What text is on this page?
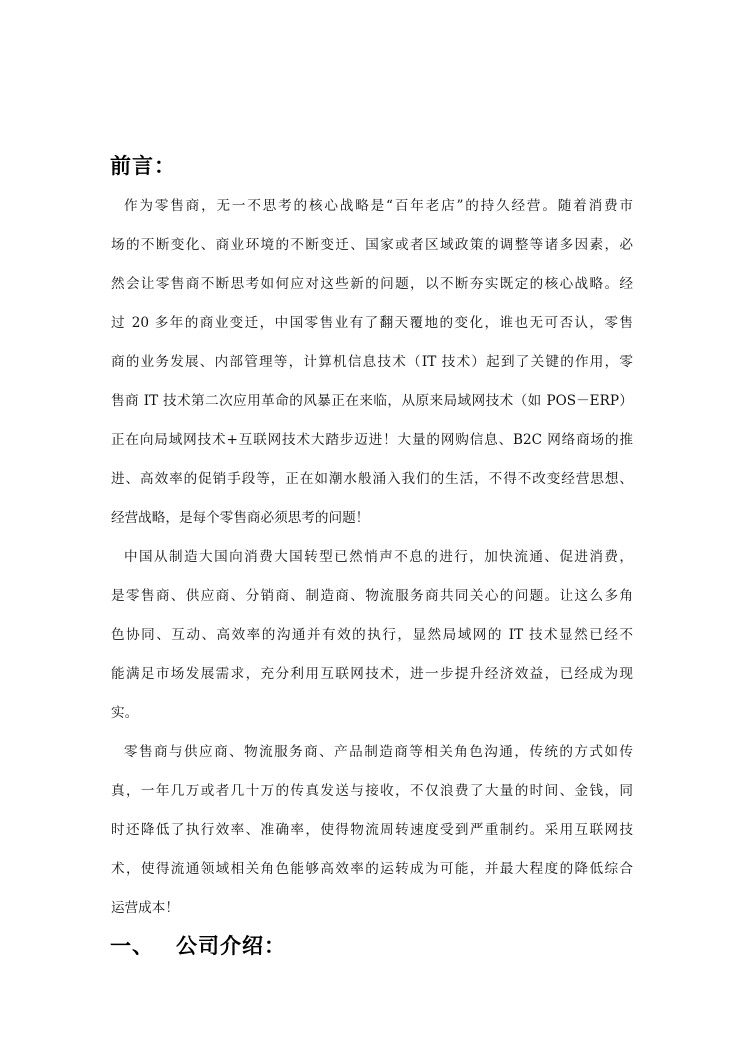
前言：
作为零售商，无一不思考的核心战略是“百年老店”的持久经营。随着消费市
场的不断变化、商业环境的不断变迁、国家或者区域政策的调整等诸多因素，必
然会让零售商不断思考如何应对这些新的问题，以不断夯实既定的核心战略。经
过 20 多年的商业变迁，中国零售业有了翻天覆地的变化，谁也无可否认，零售
商的业务发展、内部管理等，计算机信息技术（IT 技术）起到了关键的作用，零
售商 IT 技术第二次应用革命的风暴正在来临，从原来局域网技术（如 POS－ERP）
正在向局域网技术+互联网技术大踏步迈进！大量的网购信息、B2C 网络商场的推
进、高效率的促销手段等，正在如潮水般涌入我们的生活，不得不改变经营思想、
经营战略，是每个零售商必须思考的问题！
中国从制造大国向消费大国转型已然悄声不息的进行，加快流通、促进消费，
是零售商、供应商、分销商、制造商、物流服务商共同关心的问题。让这么多角
色协同、互动、高效率的沟通并有效的执行，显然局域网的 IT 技术显然已经不
能满足市场发展需求，充分利用互联网技术，进一步提升经济效益，已经成为现
实。
零售商与供应商、物流服务商、产品制造商等相关角色沟通，传统的方式如传
真，一年几万或者几十万的传真发送与接收，不仅浪费了大量的时间、金钱，同
时还降低了执行效率、准确率，使得物流周转速度受到严重制约。采用互联网技
术，使得流通领域相关角色能够高效率的运转成为可能，并最大程度的降低综合
运营成本！
一、 公司介绍：
